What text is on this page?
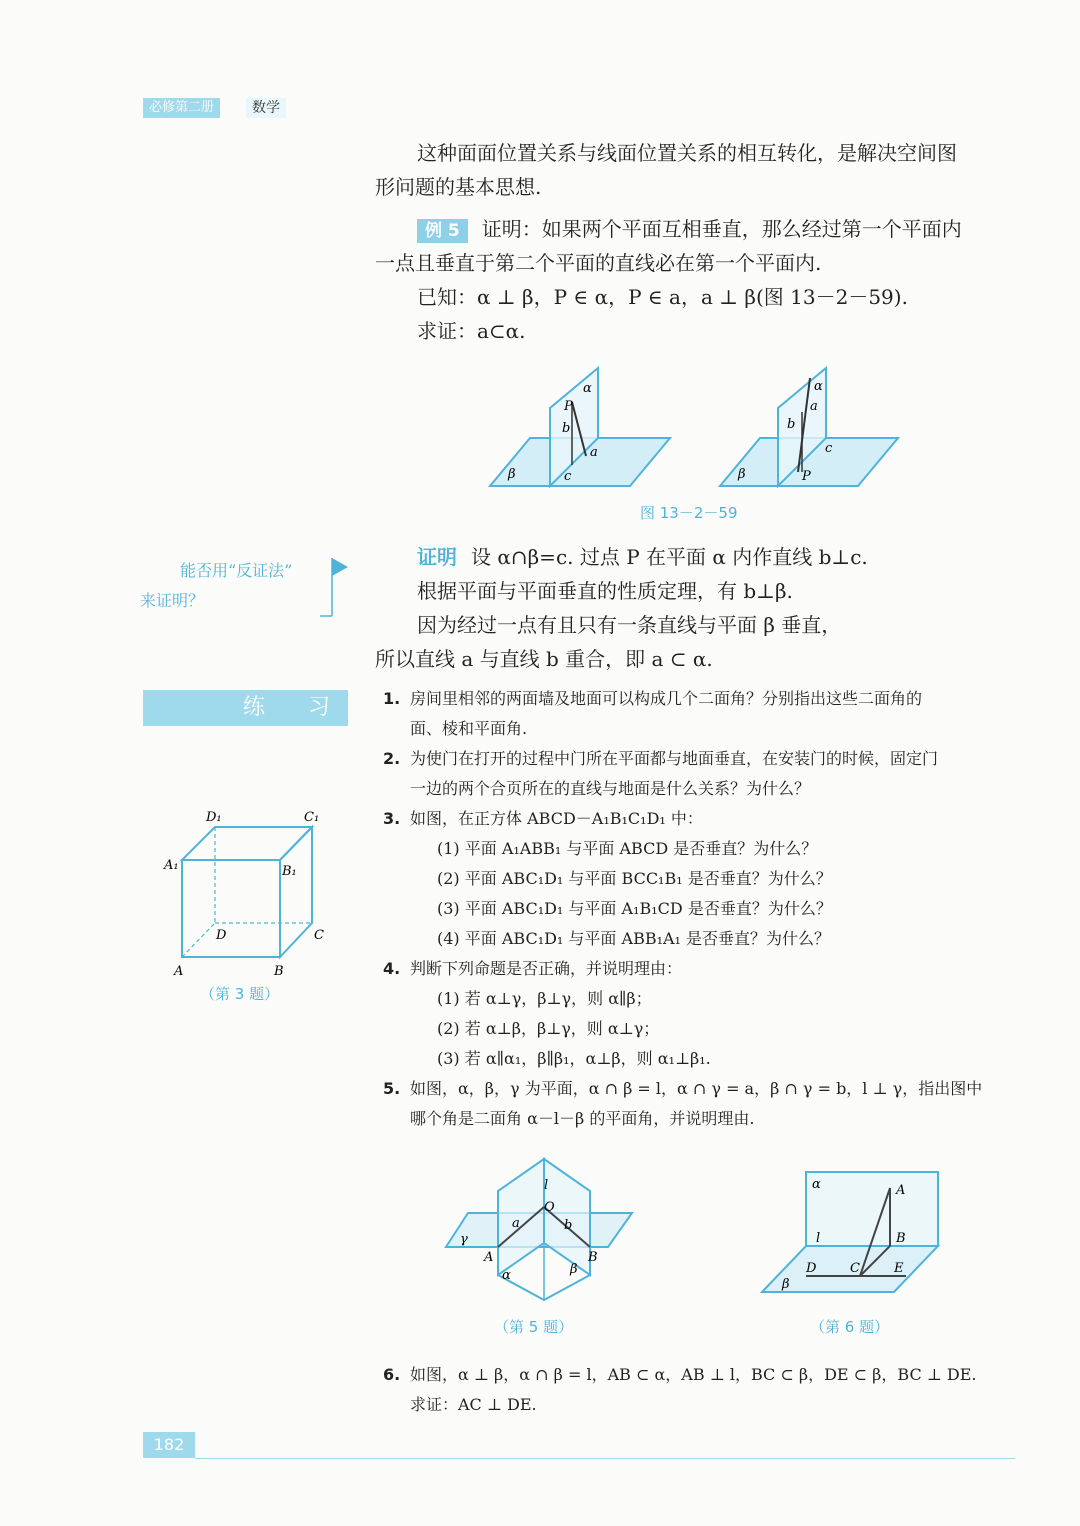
必修第二册	数学

这种面面位置关系与线面位置关系的相互转化，是解决空间图

形问题的基本思想.

例 5 证明：如果两个平面互相垂直，那么经过第一个平面内

一点且垂直于第二个平面的直线必在第一个平面内.

已知：α ⊥ β，P ∈ α，P ∈ a，a ⊥ β(图 13－2－59).

求证：a⊂α.

α
P
b
a
c
β
α
a
b
c
P
β
图 13－2－59
能否用“反证法”
来证明？

证明 设 α∩β=c. 过点 P 在平面 α 内作直线 b⊥c.

根据平面与平面垂直的性质定理，有 b⊥β.

因为经过一点有且只有一条直线与平面 β 垂直，

所以直线 a 与直线 b 重合，即 a ⊂ α.

练 习
D₁	C₁
A₁	B₁
D	C
A	B
（第 3 题）
1. 房间里相邻的两面墙及地面可以构成几个二面角？分别指出这些二面角的
面、棱和平面角.
2. 为使门在打开的过程中门所在平面都与地面垂直，在安装门的时候，固定门
一边的两个合页所在的直线与地面是什么关系？为什么？
3. 如图，在正方体 ABCD－A₁B₁C₁D₁ 中：
(1) 平面 A₁ABB₁ 与平面 ABCD 是否垂直？为什么？
(2) 平面 ABC₁D₁ 与平面 BCC₁B₁ 是否垂直？为什么？
(3) 平面 ABC₁D₁ 与平面 A₁B₁CD 是否垂直？为什么？
(4) 平面 ABC₁D₁ 与平面 ABB₁A₁ 是否垂直？为什么？
4. 判断下列命题是否正确，并说明理由：
(1) 若 α⊥γ，β⊥γ，则 α∥β；
(2) 若 α⊥β，β⊥γ，则 α⊥γ；
(3) 若 α∥α₁，β∥β₁，α⊥β，则 α₁⊥β₁.
5. 如图，α，β，γ 为平面，α ∩ β = l，α ∩ γ = a，β ∩ γ = b，l ⊥ γ，指出图中
哪个角是二面角 α－l－β 的平面角，并说明理由.
l
O
a	b
γ
A	B
α	β
（第 5 题）
α	A
l	B
D	C	E
β
（第 6 题）
6. 如图，α ⊥ β，α ∩ β = l，AB ⊂ α，AB ⊥ l，BC ⊂ β，DE ⊂ β，BC ⊥ DE.
求证：AC ⊥ DE.
182
